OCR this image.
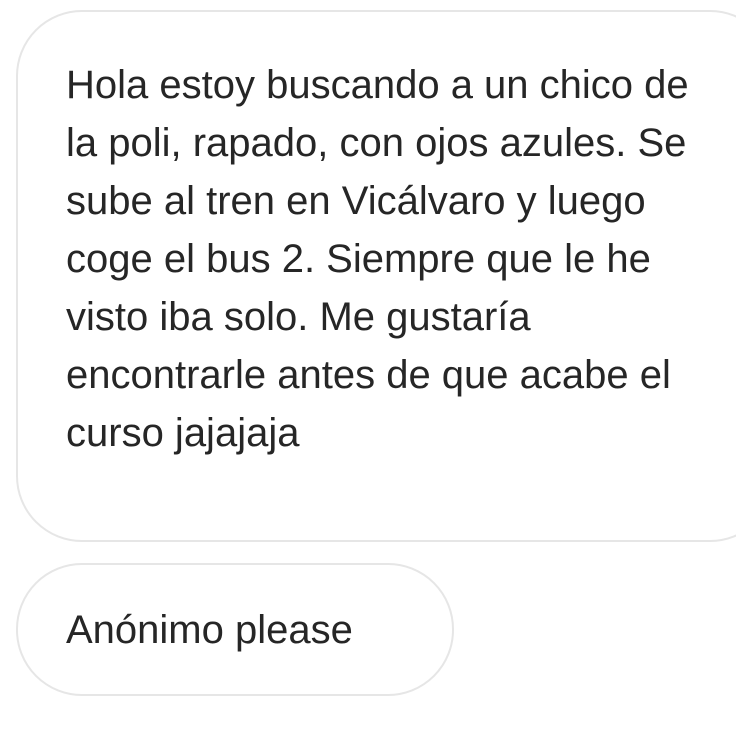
Hola estoy buscando a un chico de la poli, rapado, con ojos azules. Se sube al tren en Vicálvaro y luego coge el bus 2. Siempre que le he visto iba solo. Me gustaría encontrarle antes de que acabe el curso jajajaja
Anónimo please
